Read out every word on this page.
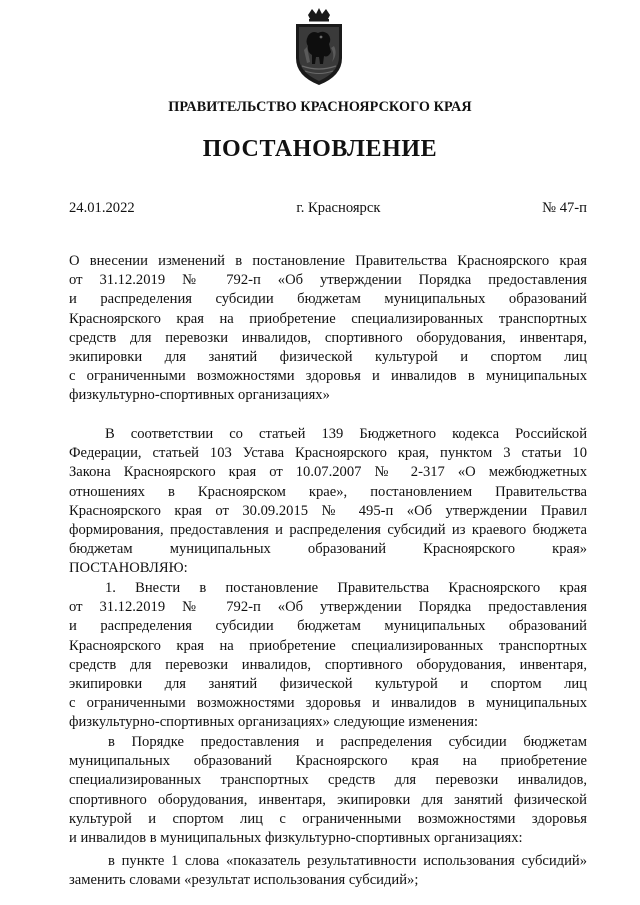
ПРАВИТЕЛЬСТВО КРАСНОЯРСКОГО КРАЯ
ПОСТАНОВЛЕНИЕ
24.01.2022	г. Красноярск	№ 47-п
О внесении изменений в постановление Правительства Красноярского края
от 31.12.2019 № 792-п «Об утверждении Порядка предоставления
и распределения субсидии бюджетам муниципальных образований
Красноярского края на приобретение специализированных транспортных
средств для перевозки инвалидов, спортивного оборудования, инвентаря,
экипировки для занятий физической культурой и спортом лиц
с ограниченными возможностями здоровья и инвалидов в муниципальных
физкультурно-спортивных организациях»
В соответствии со статьей 139 Бюджетного кодекса Российской
Федерации, статьей 103 Устава Красноярского края, пунктом 3 статьи 10
Закона Красноярского края от 10.07.2007 № 2-317 «О межбюджетных
отношениях в Красноярском крае», постановлением Правительства
Красноярского края от 30.09.2015 № 495-п «Об утверждении Правил
формирования, предоставления и распределения субсидий из краевого бюджета
бюджетам муниципальных образований Красноярского края»
ПОСТАНОВЛЯЮ:
1. Внести в постановление Правительства Красноярского края
от 31.12.2019 № 792-п «Об утверждении Порядка предоставления
и распределения субсидии бюджетам муниципальных образований
Красноярского края на приобретение специализированных транспортных
средств для перевозки инвалидов, спортивного оборудования, инвентаря,
экипировки для занятий физической культурой и спортом лиц
с ограниченными возможностями здоровья и инвалидов в муниципальных
физкультурно-спортивных организациях» следующие изменения:
в Порядке предоставления и распределения субсидии бюджетам
муниципальных образований Красноярского края на приобретение
специализированных транспортных средств для перевозки инвалидов,
спортивного оборудования, инвентаря, экипировки для занятий физической
культурой и спортом лиц с ограниченными возможностями здоровья
и инвалидов в муниципальных физкультурно-спортивных организациях:
в пункте 1 слова «показатель результативности использования субсидий»
заменить словами «результат использования субсидий»;
